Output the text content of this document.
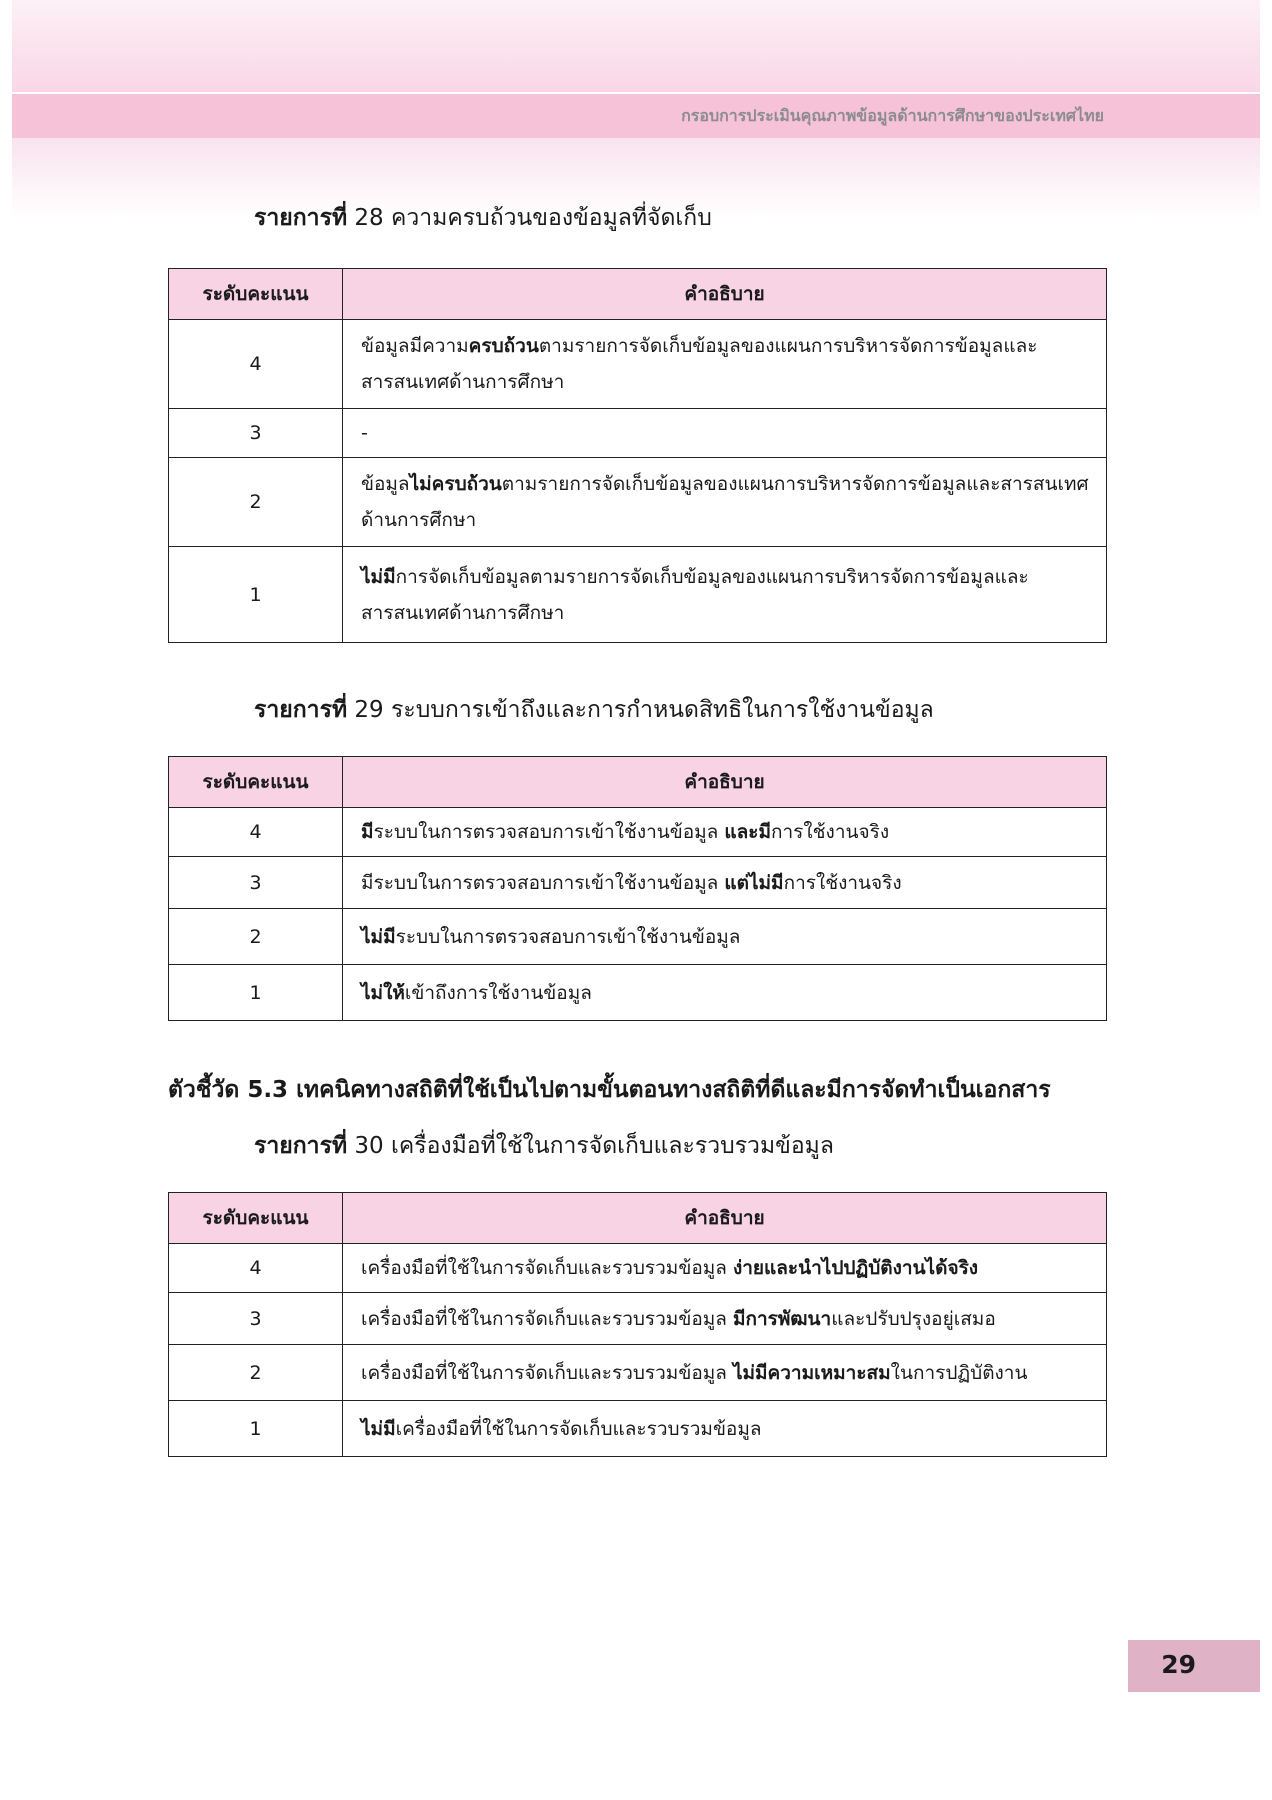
กรอบการประเมินคุณภาพข้อมูลด้านการศึกษาของประเทศไทย
รายการที่ 28 ความครบถ้วนของข้อมูลที่จัดเก็บ
ระดับคะแนน	คำอธิบาย
4	ข้อมูลมีความครบถ้วนตามรายการจัดเก็บข้อมูลของแผนการบริหารจัดการข้อมูลและสารสนเทศด้านการศึกษา
3	-
2	ข้อมูลไม่ครบถ้วนตามรายการจัดเก็บข้อมูลของแผนการบริหารจัดการข้อมูลและสารสนเทศด้านการศึกษา
1	ไม่มีการจัดเก็บข้อมูลตามรายการจัดเก็บข้อมูลของแผนการบริหารจัดการข้อมูลและสารสนเทศด้านการศึกษา
รายการที่ 29 ระบบการเข้าถึงและการกำหนดสิทธิในการใช้งานข้อมูล
ระดับคะแนน	คำอธิบาย
4	มีระบบในการตรวจสอบการเข้าใช้งานข้อมูล และมีการใช้งานจริง
3	มีระบบในการตรวจสอบการเข้าใช้งานข้อมูล แต่ไม่มีการใช้งานจริง
2	ไม่มีระบบในการตรวจสอบการเข้าใช้งานข้อมูล
1	ไม่ให้เข้าถึงการใช้งานข้อมูล
ตัวชี้วัด 5.3 เทคนิคทางสถิติที่ใช้เป็นไปตามขั้นตอนทางสถิติที่ดีและมีการจัดทำเป็นเอกสาร
รายการที่ 30 เครื่องมือที่ใช้ในการจัดเก็บและรวบรวมข้อมูล
ระดับคะแนน	คำอธิบาย
4	เครื่องมือที่ใช้ในการจัดเก็บและรวบรวมข้อมูล ง่ายและนำไปปฏิบัติงานได้จริง
3	เครื่องมือที่ใช้ในการจัดเก็บและรวบรวมข้อมูล มีการพัฒนาและปรับปรุงอยู่เสมอ
2	เครื่องมือที่ใช้ในการจัดเก็บและรวบรวมข้อมูล ไม่มีความเหมาะสมในการปฏิบัติงาน
1	ไม่มีเครื่องมือที่ใช้ในการจัดเก็บและรวบรวมข้อมูล
29
